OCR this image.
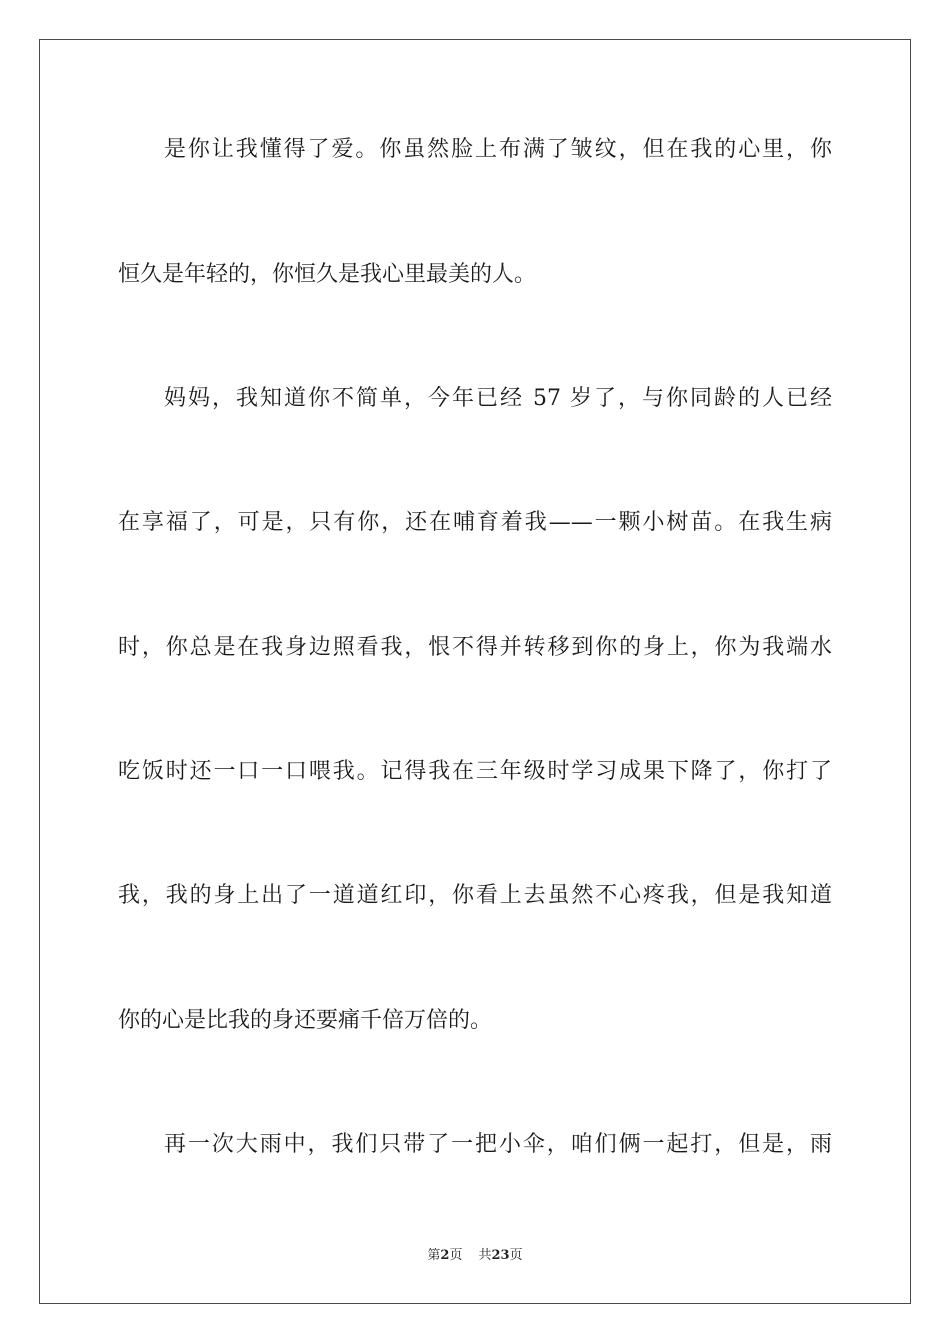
是你让我懂得了爱。你虽然脸上布满了皱纹，但在我的心里，你
恒久是年轻的，你恒久是我心里最美的人。
妈妈，我知道你不简单，今年已经 57 岁了，与你同龄的人已经
在享福了，可是，只有你，还在哺育着我——一颗小树苗。在我生病
时，你总是在我身边照看我，恨不得并转移到你的身上，你为我端水
吃饭时还一口一口喂我。记得我在三年级时学习成果下降了，你打了
我，我的身上出了一道道红印，你看上去虽然不心疼我，但是我知道
你的心是比我的身还要痛千倍万倍的。
再一次大雨中，我们只带了一把小伞，咱们俩一起打，但是，雨
第2页 共23页
